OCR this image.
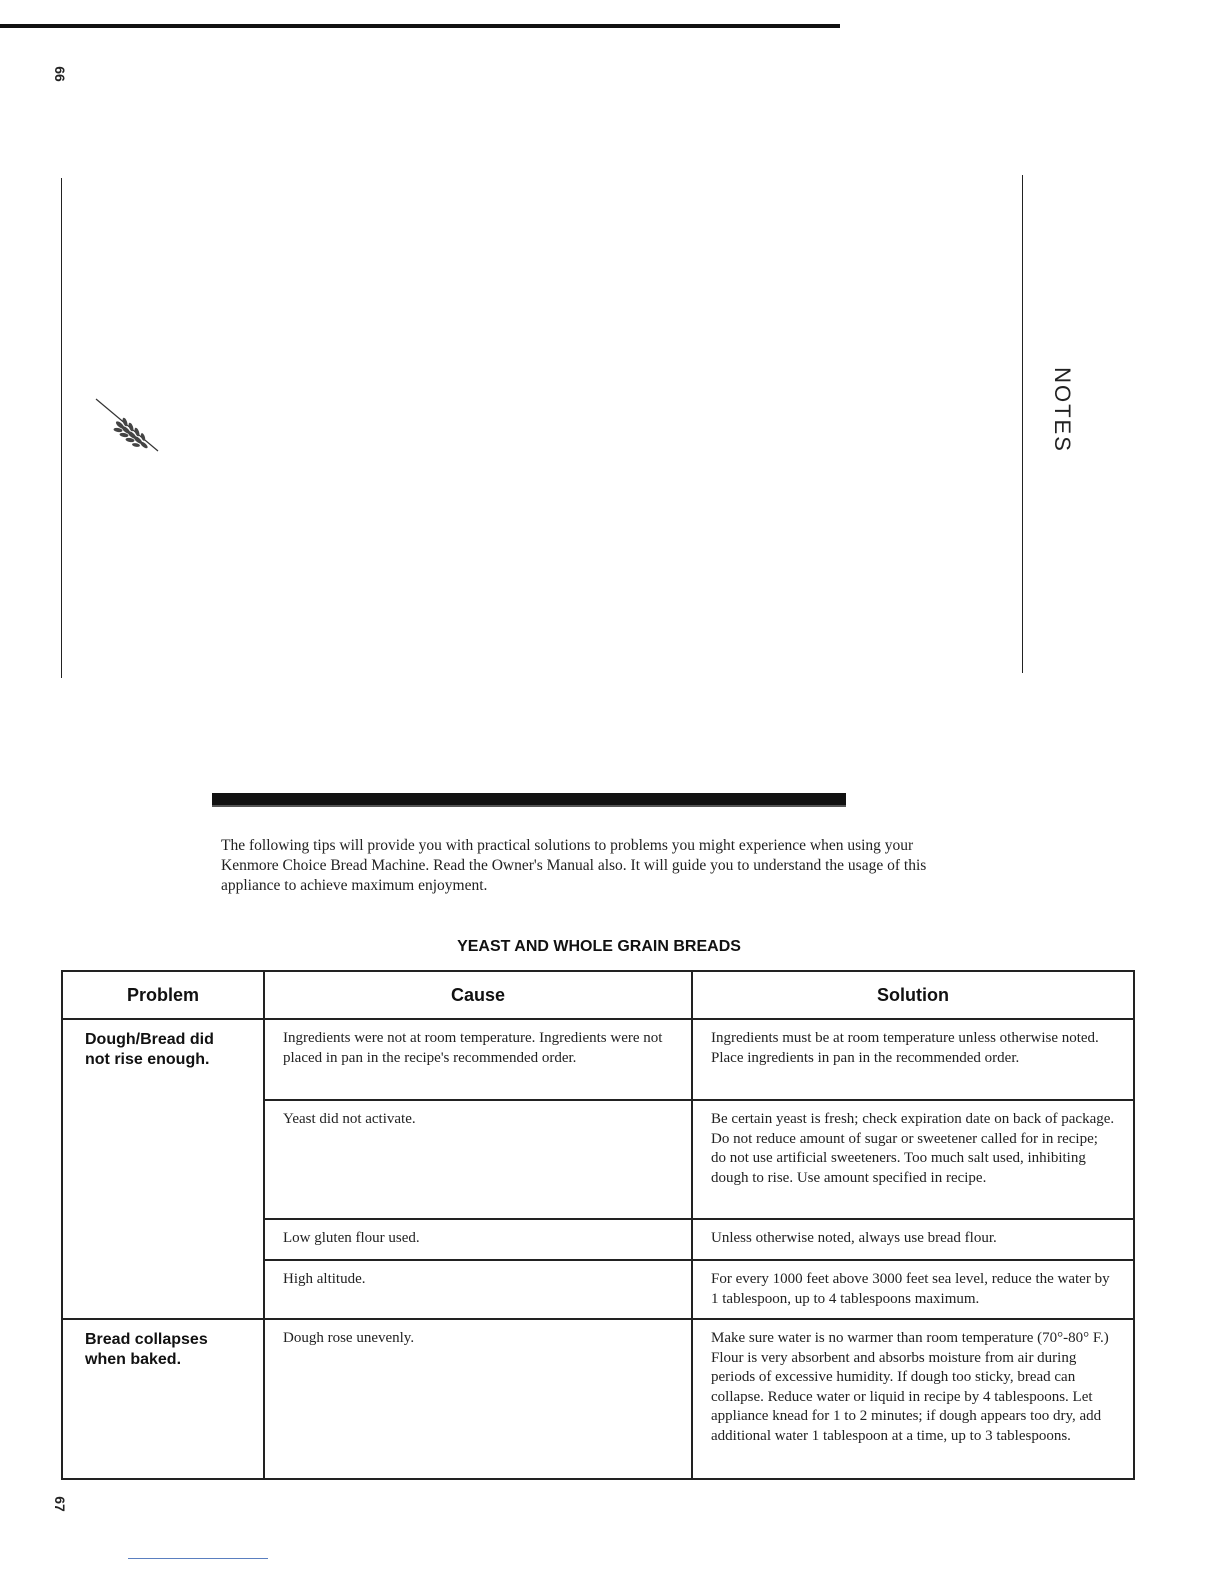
66
NOTES
The following tips will provide you with practical solutions to problems you might experience when using your Kenmore Choice Bread Machine. Read the Owner's Manual also. It will guide you to understand the usage of this appliance to achieve maximum enjoyment.
YEAST AND WHOLE GRAIN BREADS
Problem	Cause	Solution
Dough/Bread did not rise enough.	Ingredients were not at room temperature. Ingredients were not placed in pan in the recipe's recommended order.	Ingredients must be at room temperature unless otherwise noted. Place ingredients in pan in the recommended order.
	Yeast did not activate.	Be certain yeast is fresh; check expiration date on back of package. Do not reduce amount of sugar or sweetener called for in recipe; do not use artificial sweeteners. Too much salt used, inhibiting dough to rise. Use amount specified in recipe.
	Low gluten flour used.	Unless otherwise noted, always use bread flour.
	High altitude.	For every 1000 feet above 3000 feet sea level, reduce the water by 1 tablespoon, up to 4 tablespoons maximum.
Bread collapses when baked.	Dough rose unevenly.	Make sure water is no warmer than room temperature (70°-80° F.) Flour is very absorbent and absorbs moisture from air during periods of excessive humidity. If dough too sticky, bread can collapse. Reduce water or liquid in recipe by 4 tablespoons. Let appliance knead for 1 to 2 minutes; if dough appears too dry, add additional water 1 tablespoon at a time, up to 3 tablespoons.
67
